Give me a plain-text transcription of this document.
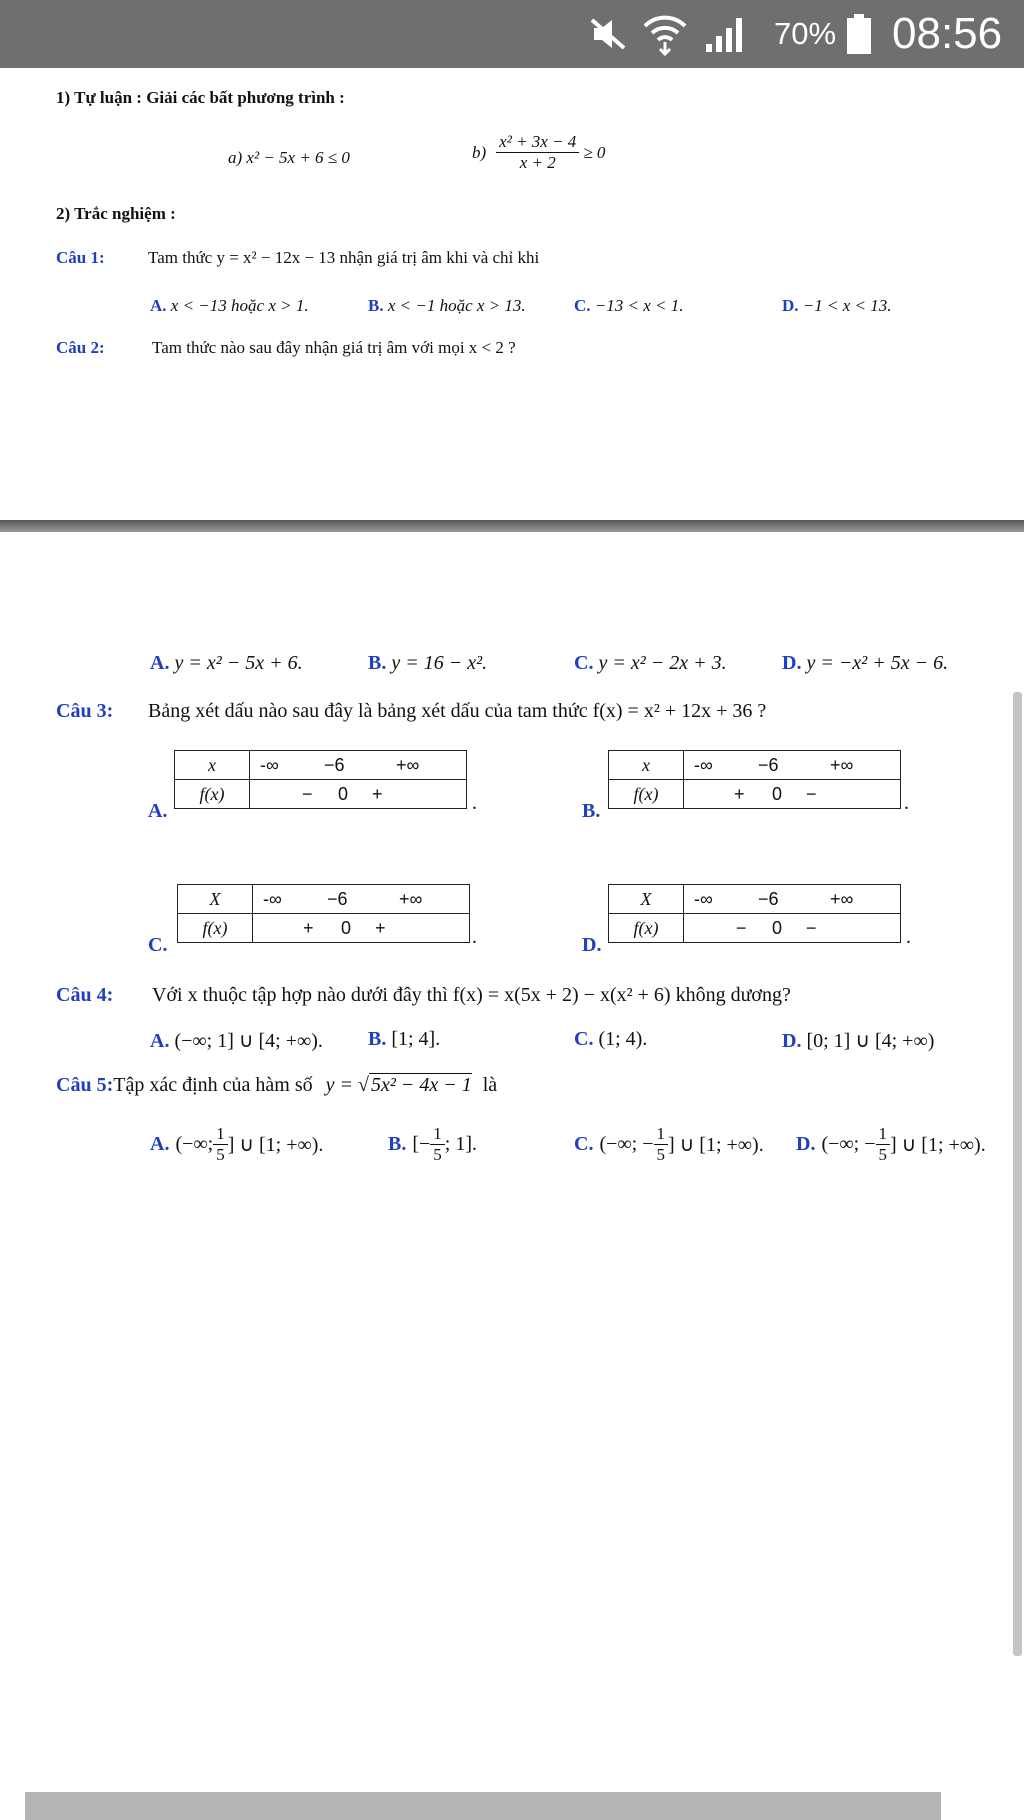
70% 08:56
1) Tự luận : Giải các bất phương trình :
a) x² − 5x + 6 ≤ 0	$b) \frac{\text{x² + 3x − 4}}{x + 2} \ge 0$
2) Trắc nghiệm :
Câu 1:	Tam thức y = x² − 12x − 13 nhận giá trị âm khi và chỉ khi
A. x < −13 hoặc x > 1.	B. x < −1 hoặc x > 13.	C. −13 < x < 1.	D. −1 < x < 13.
Câu 2:	Tam thức nào sau đây nhận giá trị âm với mọi x < 2 ?
A. y = x² − 5x + 6.	B. y = 16 − x².	C. y = x² − 2x + 3.	D. y = −x² + 5x − 6.
Câu 3: Bảng xét dấu nào sau đây là bảng xét dấu của tam thức f(x) = x² + 12x + 36 ?
A.
x	-∞ −6 +∞

f(x)	− 0 +	.	B.
x	-∞ −6 +∞

f(x)	+ 0 −	.
C.
X	-∞ −6 +∞

f(x)	+ 0 +	.	D.
X	-∞ −6 +∞

f(x)	− 0 −	.
Câu 4: Với x thuộc tập hợp nào dưới đây thì f(x) = x(5x + 2) − x(x² + 6) không dương?
A. (−∞; 1] ∪ [4; +∞). B. [1; 4].	C. (1; 4).	D. [0; 1] ∪ [4; +∞)
Câu 5:Tập xác định của hàm số y = √ 5x² − 4x − 1 là
A. (−∞; $\frac{1}{5}$ ] ∪ [1; +∞).	B. [− $\frac{1}{5}$ ; 1].	C. (−∞; − $\frac{1}{5}$ ] ∪ [1; +∞). D. (−∞; − $\frac{1}{5}$ ] ∪ [1; +∞).
